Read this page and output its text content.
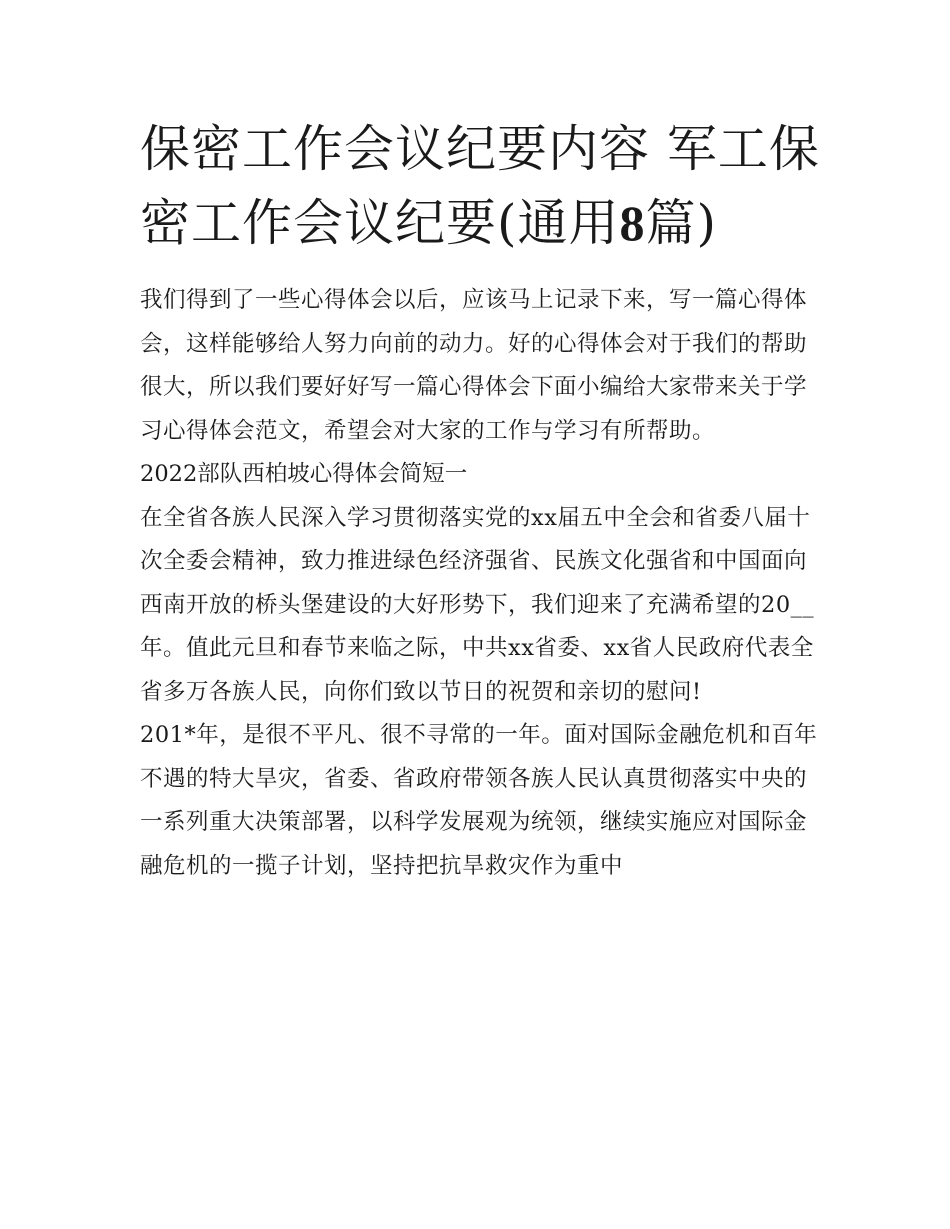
保密工作会议纪要内容 军工保密工作会议纪要(通用8篇)

我们得到了一些心得体会以后，应该马上记录下来，写一篇心得体会，这样能够给人努力向前的动力。好的心得体会对于我们的帮助很大，所以我们要好好写一篇心得体会下面小编给大家带来关于学习心得体会范文，希望会对大家的工作与学习有所帮助。

2022部队西柏坡心得体会简短一

在全省各族人民深入学习贯彻落实党的xx届五中全会和省委八届十次全委会精神，致力推进绿色经济强省、民族文化强省和中国面向西南开放的桥头堡建设的大好形势下，我们迎来了充满希望的20__年。值此元旦和春节来临之际，中共xx省委、xx省人民政府代表全省多万各族人民，向你们致以节日的祝贺和亲切的慰问!

201*年，是很不平凡、很不寻常的一年。面对国际金融危机和百年不遇的特大旱灾，省委、省政府带领各族人民认真贯彻落实中央的一系列重大决策部署，以科学发展观为统领，继续实施应对国际金融危机的一揽子计划，坚持把抗旱救灾作为重中
